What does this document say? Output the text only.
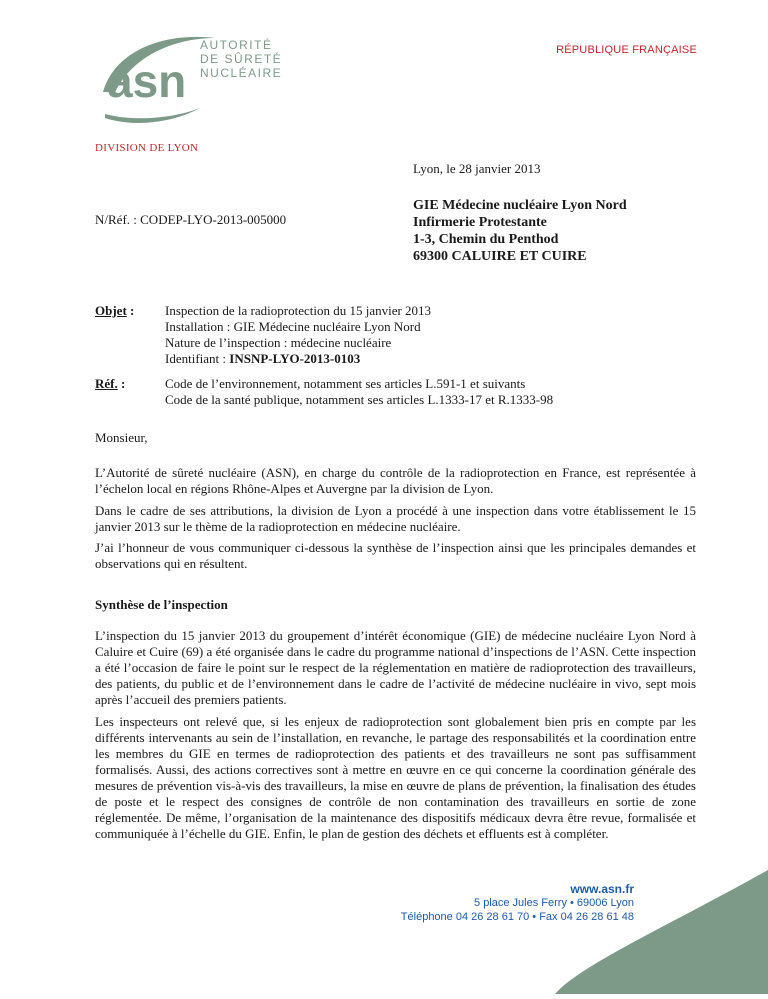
asn
AUTORITÉ
DE SÛRETÉ
NUCLÉAIRE
RÉPUBLIQUE FRANÇAISE
DIVISION DE LYON
Lyon, le 28 janvier 2013
N/Réf. : CODEP-LYO-2013-005000
GIE Médecine nucléaire Lyon Nord
Infirmerie Protestante
1-3, Chemin du Penthod
69300 CALUIRE ET CUIRE
Objet : Inspection de la radioprotection du 15 janvier 2013
Installation : GIE Médecine nucléaire Lyon Nord
Nature de l’inspection : médecine nucléaire
Identifiant : INSNP-LYO-2013-0103
Réf. :	Code de l’environnement, notamment ses articles L.591-1 et suivants
Code de la santé publique, notamment ses articles L.1333-17 et R.1333-98
Monsieur,
L’Autorité de sûreté nucléaire (ASN), en charge du contrôle de la radioprotection en France, est représentée à l’échelon local en régions Rhône-Alpes et Auvergne par la division de Lyon.
Dans le cadre de ses attributions, la division de Lyon a procédé à une inspection dans votre établissement le 15 janvier 2013 sur le thème de la radioprotection en médecine nucléaire.
J’ai l’honneur de vous communiquer ci-dessous la synthèse de l’inspection ainsi que les principales demandes et observations qui en résultent.
Synthèse de l’inspection
L’inspection du 15 janvier 2013 du groupement d’intérêt économique (GIE) de médecine nucléaire Lyon Nord à Caluire et Cuire (69) a été organisée dans le cadre du programme national d’inspections de l’ASN. Cette inspection a été l’occasion de faire le point sur le respect de la réglementation en matière de radioprotection des travailleurs, des patients, du public et de l’environnement dans le cadre de l’activité de médecine nucléaire in vivo, sept mois après l’accueil des premiers patients.
Les inspecteurs ont relevé que, si les enjeux de radioprotection sont globalement bien pris en compte par les différents intervenants au sein de l’installation, en revanche, le partage des responsabilités et la coordination entre les membres du GIE en termes de radioprotection des patients et des travailleurs ne sont pas suffisamment formalisés. Aussi, des actions correctives sont à mettre en œuvre en ce qui concerne la coordination générale des mesures de prévention vis-à-vis des travailleurs, la mise en œuvre de plans de prévention, la finalisation des études de poste et le respect des consignes de contrôle de non contamination des travailleurs en sortie de zone réglementée. De même, l’organisation de la maintenance des dispositifs médicaux devra être revue, formalisée et communiquée à l’échelle du GIE. Enfin, le plan de gestion des déchets et effluents est à compléter.
www.asn.fr
5 place Jules Ferry • 69006 Lyon
Téléphone 04 26 28 61 70 • Fax 04 26 28 61 48
